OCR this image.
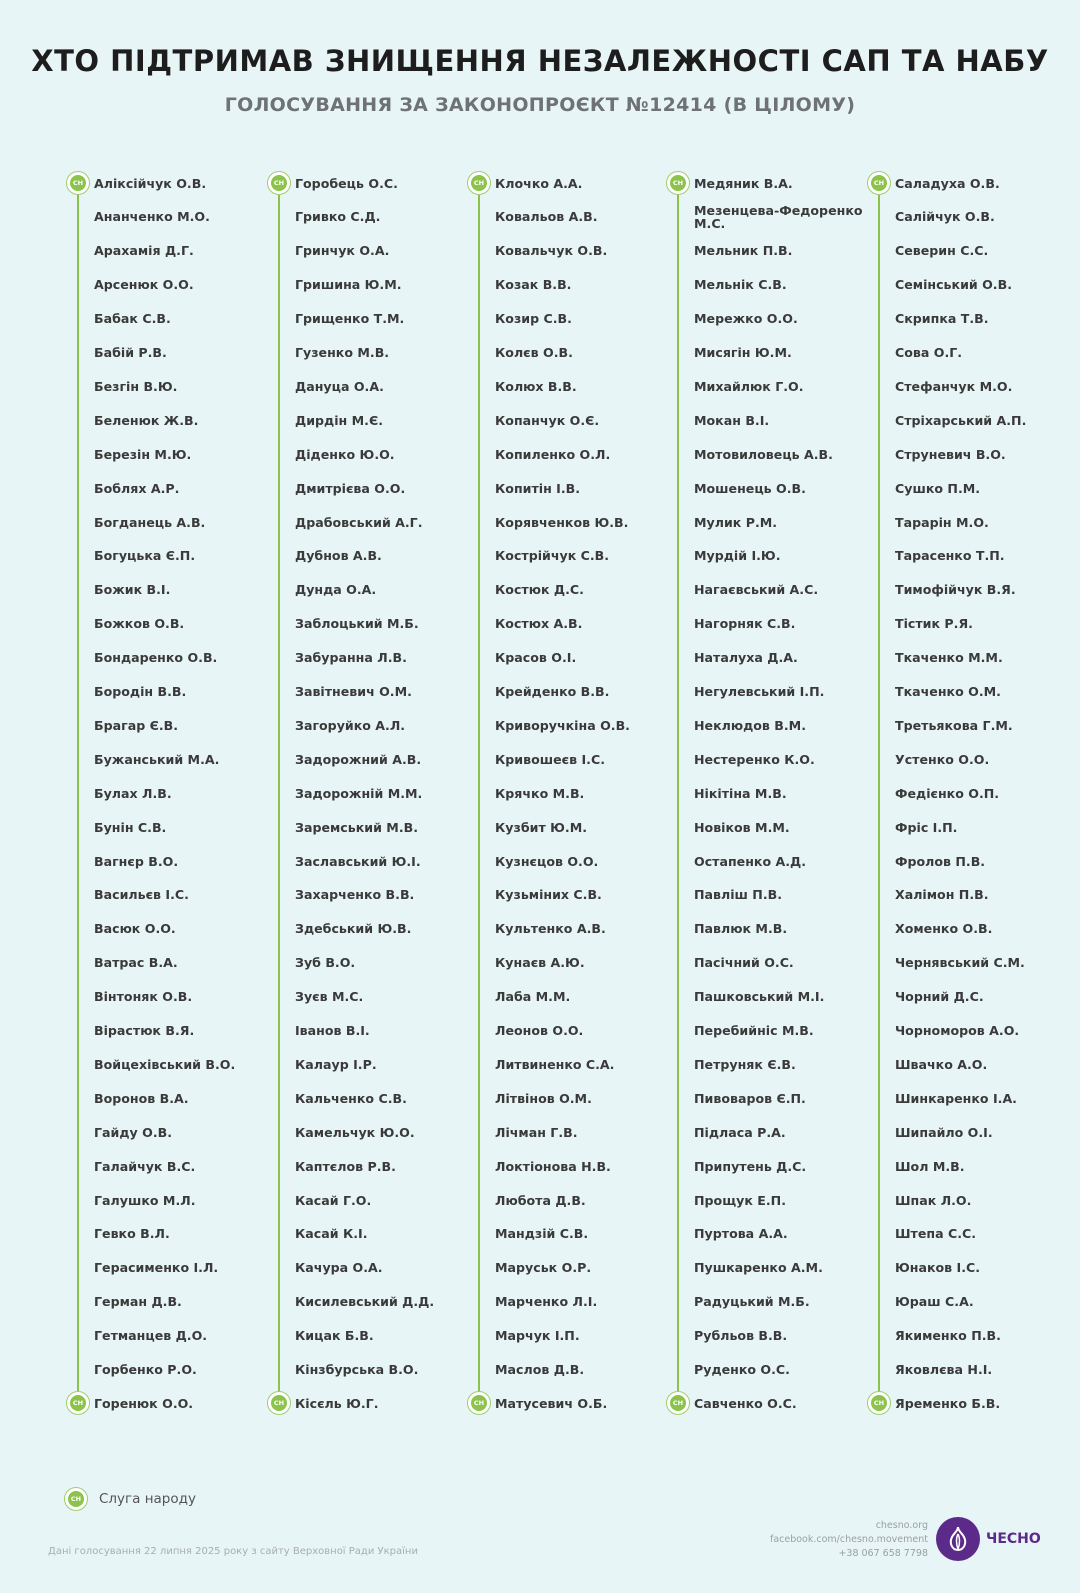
ХТО ПІДТРИМАВ ЗНИЩЕННЯ НЕЗАЛЕЖНОСТІ САП ТА НАБУ
ГОЛОСУВАННЯ ЗА ЗАКОНОПРОЄКТ №12414 (В ЦІЛОМУ)
СН
СН
Аліксійчук О.В.
Ананченко М.О.
Арахамія Д.Г.
Арсенюк О.О.
Бабак С.В.
Бабій Р.В.
Безгін В.Ю.
Беленюк Ж.В.
Березін М.Ю.
Боблях А.Р.
Богданець А.В.
Богуцька Є.П.
Божик В.І.
Божков О.В.
Бондаренко О.В.
Бородін В.В.
Брагар Є.В.
Бужанський М.А.
Булах Л.В.
Бунін С.В.
Вагнєр В.О.
Васильєв І.С.
Васюк О.О.
Ватрас В.А.
Вінтоняк О.В.
Вірастюк В.Я.
Войцехівський В.О.
Воронов В.А.
Гайду О.В.
Галайчук В.С.
Галушко М.Л.
Гевко В.Л.
Герасименко І.Л.
Герман Д.В.
Гетманцев Д.О.
Горбенко Р.О.
Горенюк О.О.
СН
СН
Горобець О.С.
Гривко С.Д.
Гринчук О.А.
Гришина Ю.М.
Грищенко Т.М.
Гузенко М.В.
Дануца О.А.
Дирдін М.Є.
Діденко Ю.О.
Дмитрієва О.О.
Драбовський А.Г.
Дубнов А.В.
Дунда О.А.
Заблоцький М.Б.
Забуранна Л.В.
Завітневич О.М.
Загоруйко А.Л.
Задорожний А.В.
Задорожній М.М.
Заремський М.В.
Заславський Ю.І.
Захарченко В.В.
Здебський Ю.В.
Зуб В.О.
Зуєв М.С.
Іванов В.І.
Калаур І.Р.
Кальченко С.В.
Камельчук Ю.О.
Каптєлов Р.В.
Касай Г.О.
Касай К.І.
Качура О.А.
Кисилевський Д.Д.
Кицак Б.В.
Кінзбурська В.О.
Кісєль Ю.Г.
СН
СН
Клочко А.А.
Ковальов А.В.
Ковальчук О.В.
Козак В.В.
Козир С.В.
Колєв О.В.
Колюх В.В.
Копанчук О.Є.
Копиленко О.Л.
Копитін І.В.
Корявченков Ю.В.
Кострійчук С.В.
Костюк Д.С.
Костюх А.В.
Красов О.І.
Крейденко В.В.
Криворучкіна О.В.
Кривошеєв І.С.
Крячко М.В.
Кузбит Ю.М.
Кузнєцов О.О.
Кузьміних С.В.
Культенко А.В.
Кунаєв А.Ю.
Лаба М.М.
Леонов О.О.
Литвиненко С.А.
Літвінов О.М.
Лічман Г.В.
Локтіонова Н.В.
Любота Д.В.
Мандзій С.В.
Маруськ О.Р.
Марченко Л.І.
Марчук І.П.
Маслов Д.В.
Матусевич О.Б.
СН
СН
Медяник В.А.
Мезенцева-Федоренко М.С.
Мельник П.В.
Мельнік С.В.
Мережко О.О.
Мисягін Ю.М.
Михайлюк Г.О.
Мокан В.І.
Мотовиловець А.В.
Мошенець О.В.
Мулик Р.М.
Мурдій І.Ю.
Нагаєвський А.С.
Нагорняк С.В.
Наталуха Д.А.
Негулевський І.П.
Неклюдов В.М.
Нестеренко К.О.
Нікітіна М.В.
Новіков М.М.
Остапенко А.Д.
Павліш П.В.
Павлюк М.В.
Пасічний О.С.
Пашковський М.І.
Перебийніс М.В.
Петруняк Є.В.
Пивоваров Є.П.
Підласа Р.А.
Припутень Д.С.
Прощук Е.П.
Пуртова А.А.
Пушкаренко А.М.
Радуцький М.Б.
Рубльов В.В.
Руденко О.С.
Савченко О.С.
СН
СН
Саладуха О.В.
Салійчук О.В.
Северин С.С.
Семінський О.В.
Скрипка Т.В.
Сова О.Г.
Стефанчук М.О.
Стріхарський А.П.
Струневич В.О.
Сушко П.М.
Тарарін М.О.
Тарасенко Т.П.
Тимофійчук В.Я.
Тістик Р.Я.
Ткаченко М.М.
Ткаченко О.М.
Третьякова Г.М.
Устенко О.О.
Федієнко О.П.
Фріс І.П.
Фролов П.В.
Халімон П.В.
Хоменко О.В.
Чернявський С.М.
Чорний Д.С.
Чорноморов А.О.
Швачко А.О.
Шинкаренко І.А.
Шипайло О.І.
Шол М.В.
Шпак Л.О.
Штепа С.С.
Юнаков І.С.
Юраш С.А.
Якименко П.В.
Яковлєва Н.І.
Яременко Б.В.
СН Слуга народу
Дані голосування 22 липня 2025 року з сайту Верховної Ради України
chesno.org
facebook.com/chesno.movement
+38 067 658 7798
ЧЕСНО
